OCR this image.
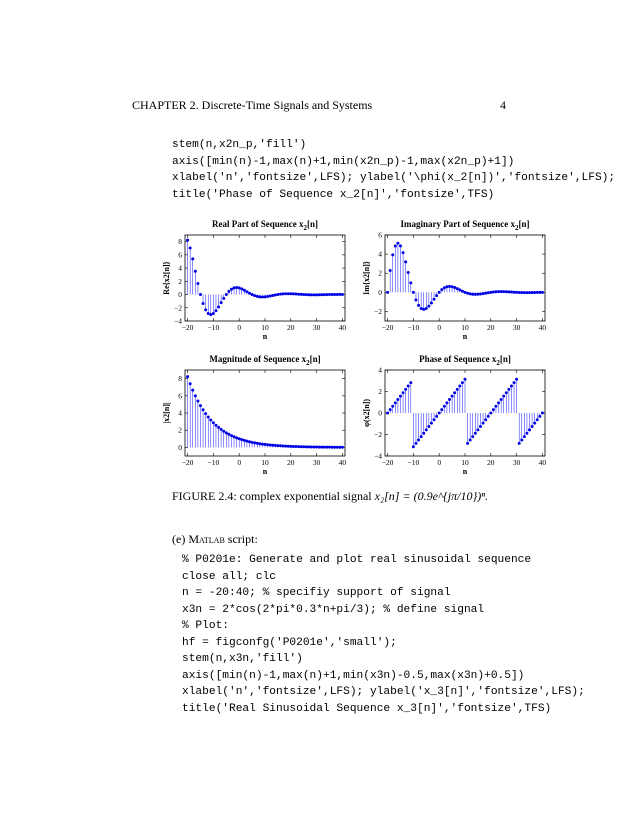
CHAPTER 2. Discrete-Time Signals and Systems	4
stem(n,x2n_p,'fill')
axis([min(n)-1,max(n)+1,min(x2n_p)-1,max(x2n_p)+1])
xlabel('n','fontsize',LFS); ylabel('\phi(x_2[n])','fontsize',LFS);
title('Phase of Sequence x_2[n]','fontsize',TFS)
Real Part of Sequence $x_2[n]$
−20 −10 0	10 20 30 40
−4
−2
0
2
4
6
8
n
Re{x2[n]}
Imaginary Part of Sequence $x_2[n]$
−20 −10 0	10 20 30 40
−2
0
2
4
6
n
Im{x2[n]}
Magnitude of Sequence $x_2[n]$
−20 −10 0	10 20 30 40
0
2
4
6
8
n
|x2[n]|
Phase of Sequence $x_2[n]$
−20 −10 0	10 20 30 40
−4
−2
0
2
4
n
φ(x2[n])
FIGURE 2.4: complex exponential signal x₂[n] = (0.9e^{jπ/10})ⁿ.
(e) Matlab script:
% P0201e: Generate and plot real sinusoidal sequence
close all; clc
n = -20:40; % specifiy support of signal
x3n = 2*cos(2*pi*0.3*n+pi/3); % define signal
% Plot:
hf = figconfg('P0201e','small');
stem(n,x3n,'fill')
axis([min(n)-1,max(n)+1,min(x3n)-0.5,max(x3n)+0.5])
xlabel('n','fontsize',LFS); ylabel('x_3[n]','fontsize',LFS);
title('Real Sinusoidal Sequence x_3[n]','fontsize',TFS)
